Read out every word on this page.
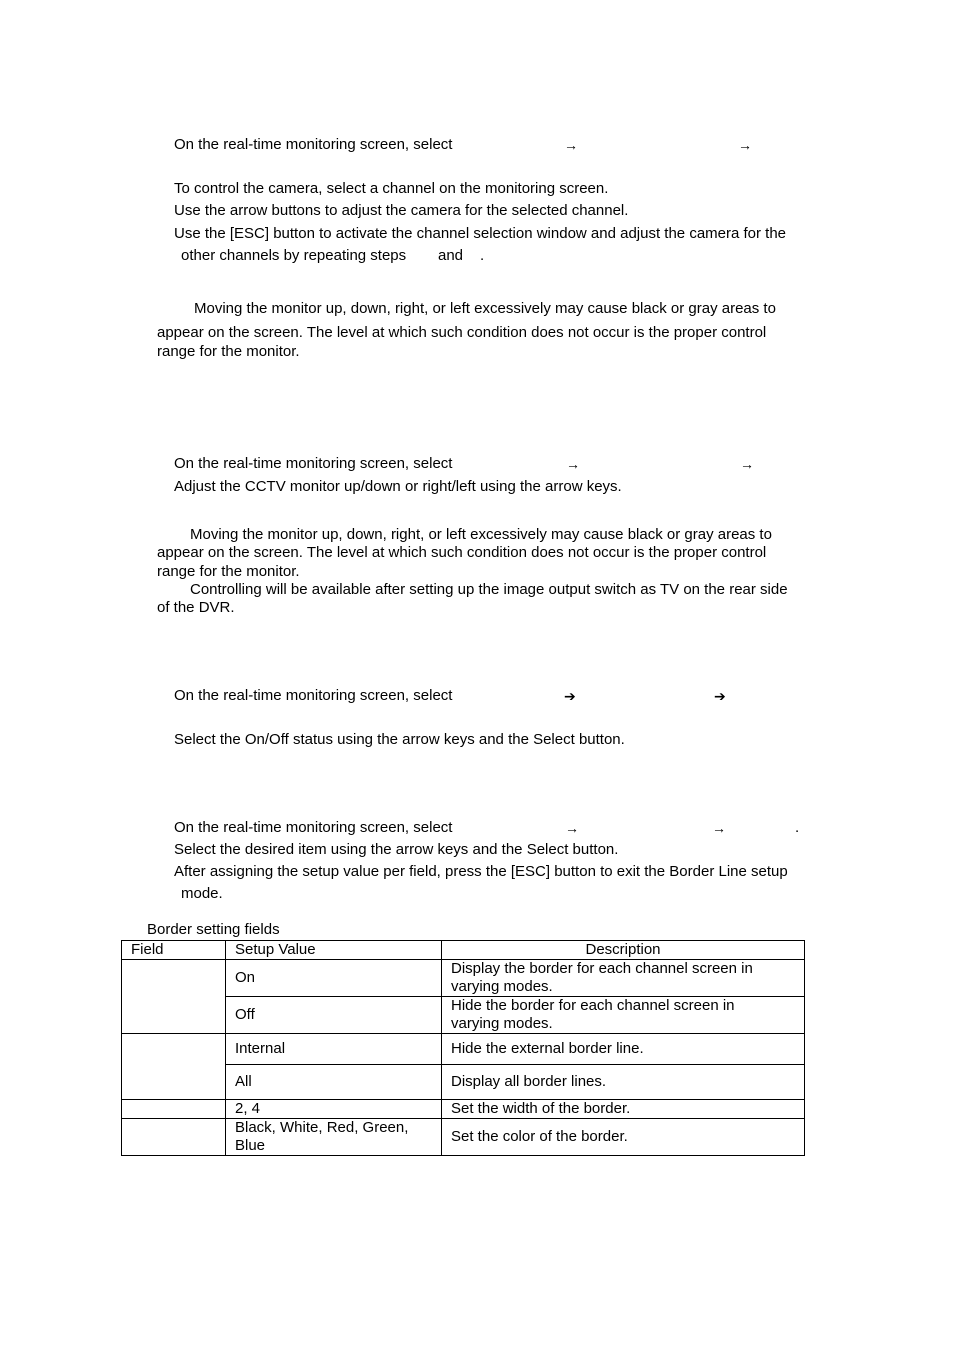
On the real-time monitoring screen, select	→	→
To control the camera, select a channel on the monitoring screen.
Use the arrow buttons to adjust the camera for the selected channel.
Use the [ESC] button to activate the channel selection window and adjust the camera for the
other channels by repeating steps and .
Moving the monitor up, down, right, or left excessively may cause black or gray areas to
appear on the screen. The level at which such condition does not occur is the proper control
range for the monitor.
On the real-time monitoring screen, select	→	→
Adjust the CCTV monitor up/down or right/left using the arrow keys.
Moving the monitor up, down, right, or left excessively may cause black or gray areas to
appear on the screen. The level at which such condition does not occur is the proper control
range for the monitor.
Controlling will be available after setting up the image output switch as TV on the rear side
of the DVR.
On the real-time monitoring screen, select	➔	➔
Select the On/Off status using the arrow keys and the Select button.
On the real-time monitoring screen, select	→	→	.
Select the desired item using the arrow keys and the Select button.
After assigning the setup value per field, press the [ESC] button to exit the Border Line setup
mode.
Border setting fields
Field	Setup Value	Description
	On	Display the border for each channel screen in
varying modes.
	Off	Hide the border for each channel screen in
varying modes.
	Internal	Hide the external border line.
	All	Display all border lines.
	2, 4	Set the width of the border.
	Black, White, Red, Green,
Blue	Set the color of the border.
